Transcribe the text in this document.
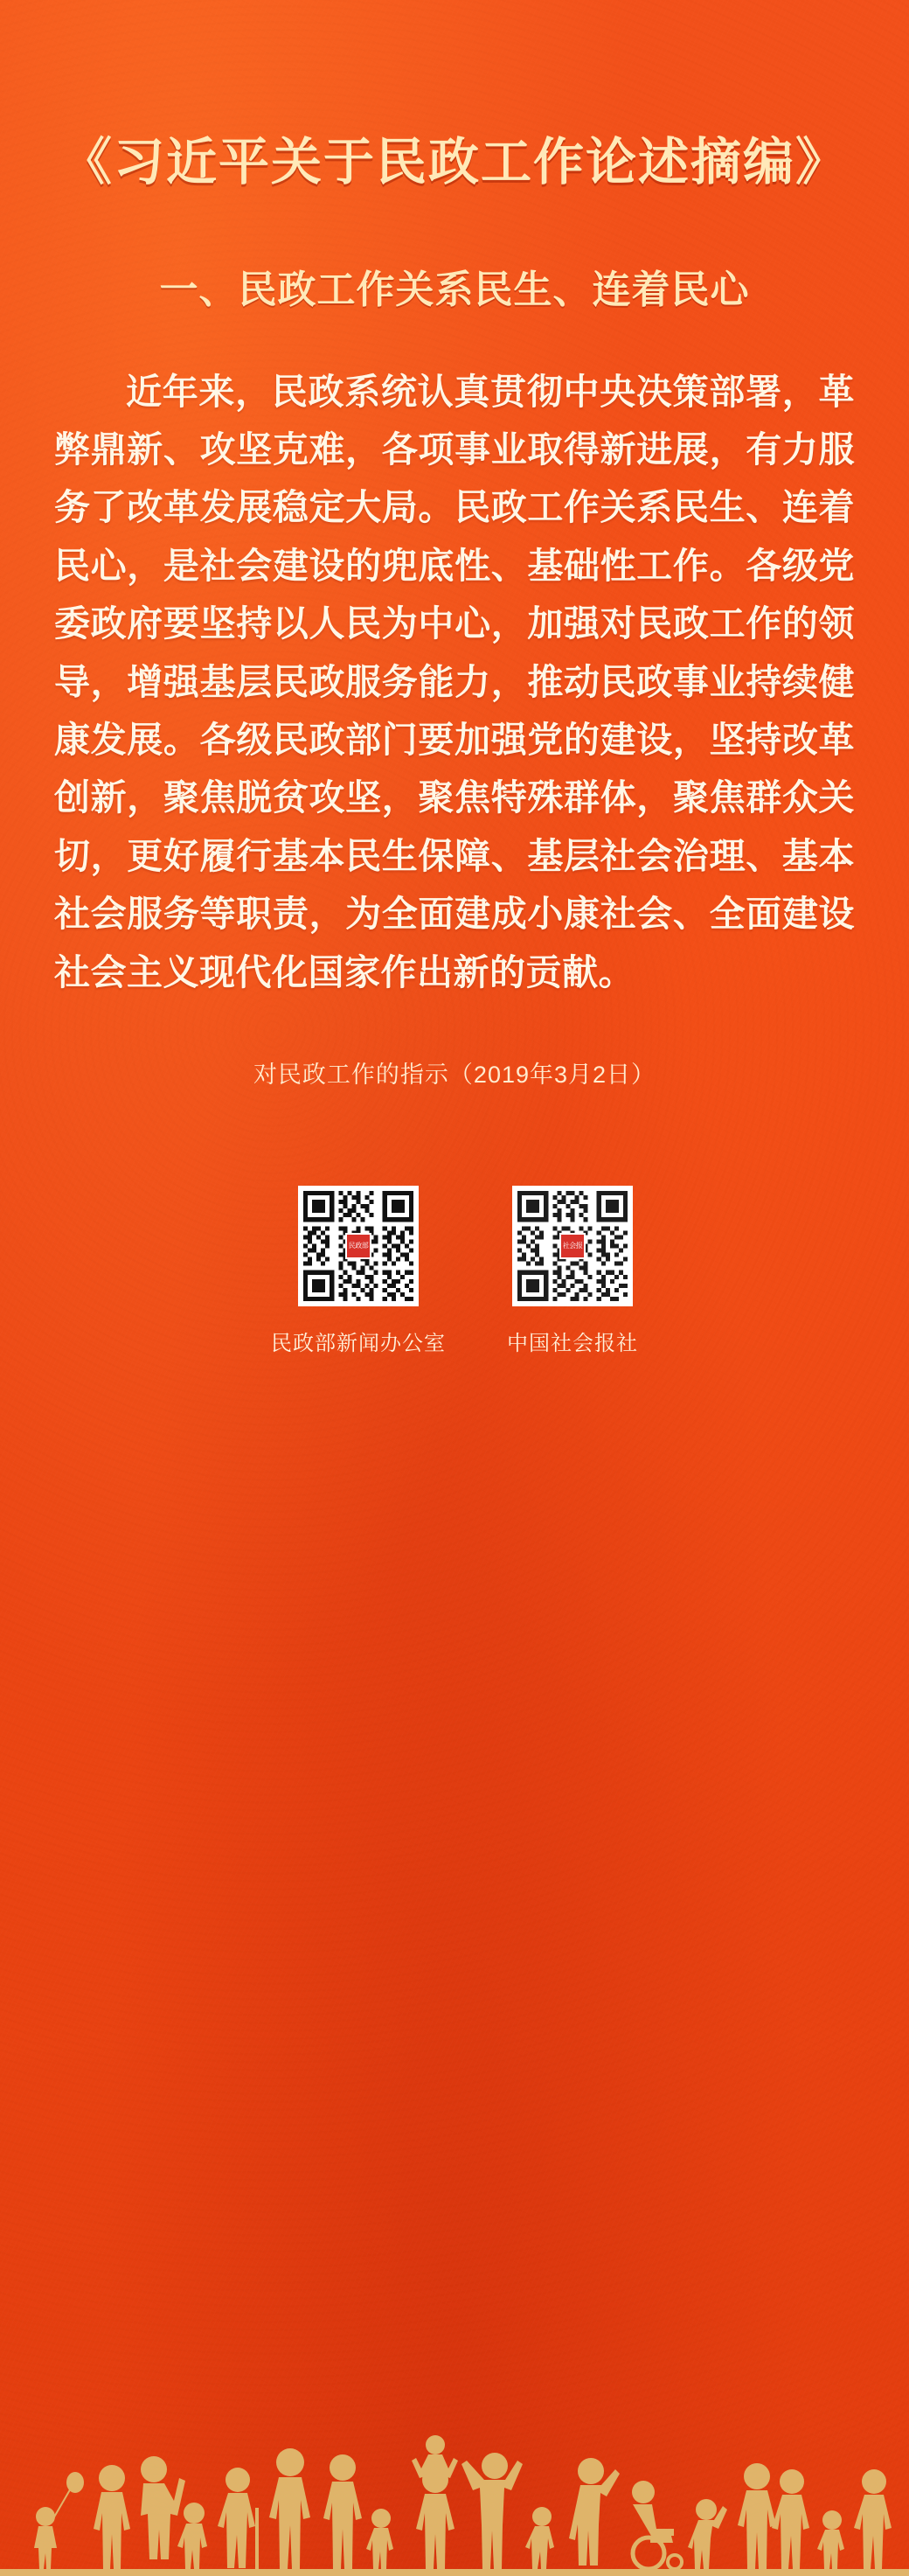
《习近平关于民政工作论述摘编》
一、民政工作关系民生、连着民心

近年来，民政系统认真贯彻中央决策部署，革弊鼎新、攻坚克难，各项事业取得新进展，有力服务了改革发展稳定大局。民政工作关系民生、连着民心，是社会建设的兜底性、基础性工作。各级党委政府要坚持以人民为中心，加强对民政工作的领导，增强基层民政服务能力，推动民政事业持续健康发展。各级民政部门要加强党的建设，坚持改革创新，聚焦脱贫攻坚，聚焦特殊群体，聚焦群众关切，更好履行基本民生保障、基层社会治理、基本社会服务等职责，为全面建成小康社会、全面建设社会主义现代化国家作出新的贡献。

对民政工作的指示（2019年3月2日）

民政部
民政部新闻办公室
社会报
中国社会报社
